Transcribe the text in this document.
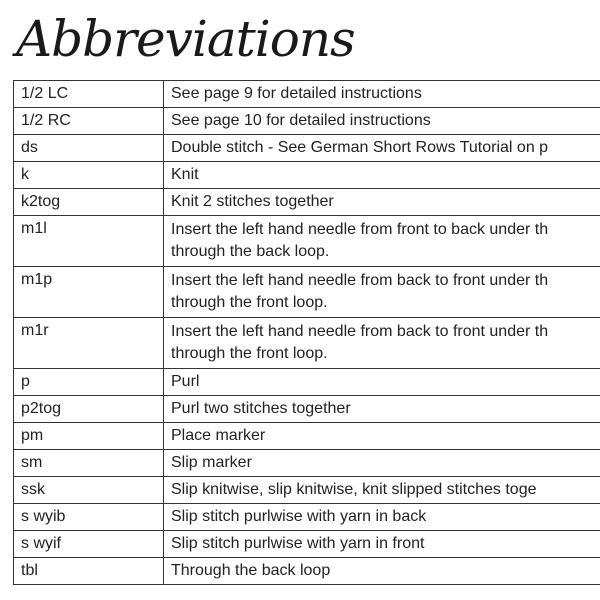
Abbreviations
1/2 LC	See page 9 for detailed instructions
1/2 RC	See page 10 for detailed instructions
ds	Double stitch - See German Short Rows Tutorial on p
k	Knit
k2tog	Knit 2 stitches together
m1l	Insert the left hand needle from front to back under th
through the back loop.

m1p	Insert the left hand needle from back to front under th
through the front loop.

m1r	Insert the left hand needle from back to front under th
through the front loop.

p	Purl
p2tog	Purl two stitches together
pm	Place marker
sm	Slip marker
ssk	Slip knitwise, slip knitwise, knit slipped stitches toge
s wyib	Slip stitch purlwise with yarn in back
s wyif	Slip stitch purlwise with yarn in front
tbl	Through the back loop
